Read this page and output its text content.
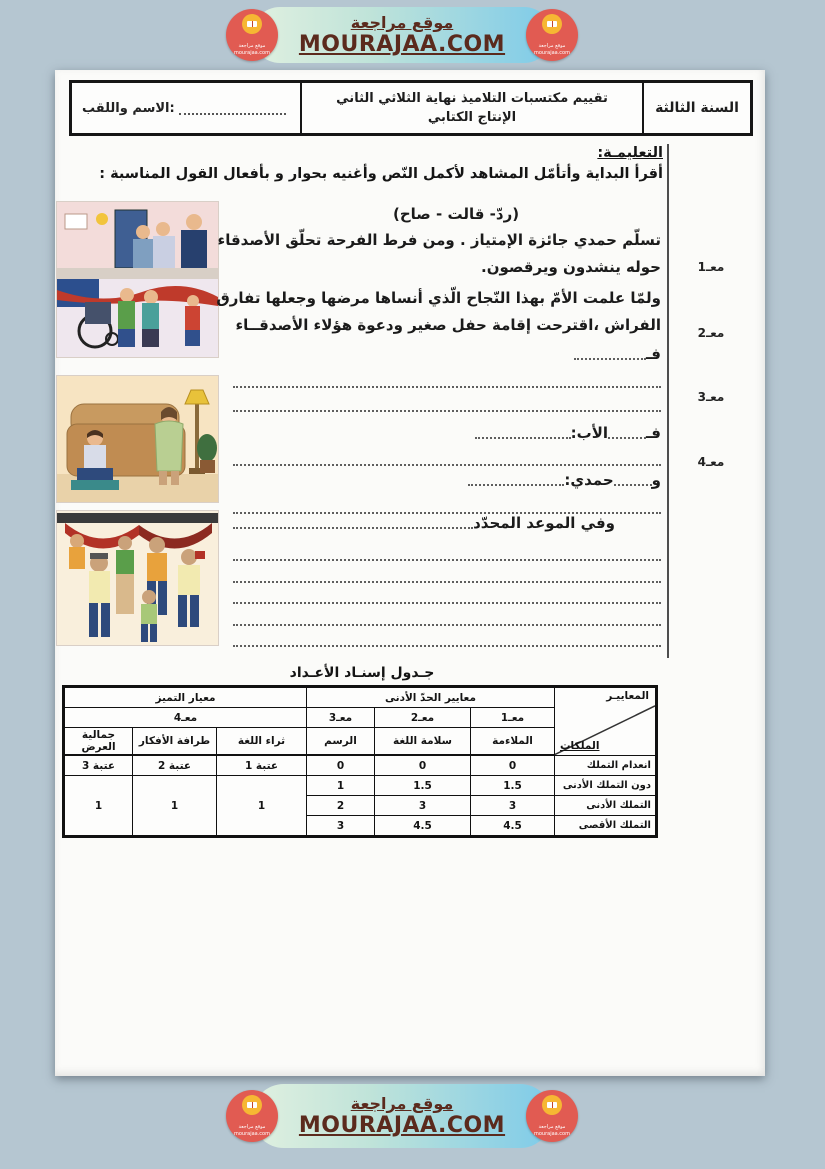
موقع مراجعة
mourajaa.com
موقع مراجعة
MOURAJAA.COM	موقع مراجعة
mourajaa.com
الاسم واللقب:
تقييم مكتسبات التلاميذ نهاية الثلاثي الثاني
الإنتاج الكتابي
السنة الثالثة
التعليمـة:
أقرأ البداية وأتأمّل المشاهد لأكمل النّص وأغنيه بحوار و بأفعال القول المناسبة :
معـ1
معـ2
معـ3
معـ4
(ردّ- قالت - صاح)
تسلّم حمدي جائزة الإمتياز . ومن فرط الفرحة تحلّق الأصدقاء
حوله ينشدون ويرقصون.
ولمّا علمت الأمّ بهذا النّجاح الّذي أنساها مرضها وجعلها تفارق
الفراش ،اقترحت إقامة حفل صغير ودعوة هؤلاء الأصدقــاء
فـ
فـ
الأب:
و
حمدي:
وفي الموعد المحدّد
جـدول إسنـاد الأعـداد
المعاييـر
الملكات	معايير الحدّ الأدنى			معيار التميز		
	معـ1	معـ2	معـ3	معـ4		
	الملاءمة	سلامة اللغة	الرسم	ثراء اللغة	طرافة الأفكار	جمالية العرض
انعدام التملك	0	0	0	عتبة 1	عتبة 2	عتبة 3
دون التملك الأدنى	1.5	1.5	1	1	1	1
التملك الأدنى	3	3	2			
التملك الأقصى	4.5	4.5	3			
موقع مراجعة
mourajaa.com
موقع مراجعة
MOURAJAA.COM	موقع مراجعة
mourajaa.com
